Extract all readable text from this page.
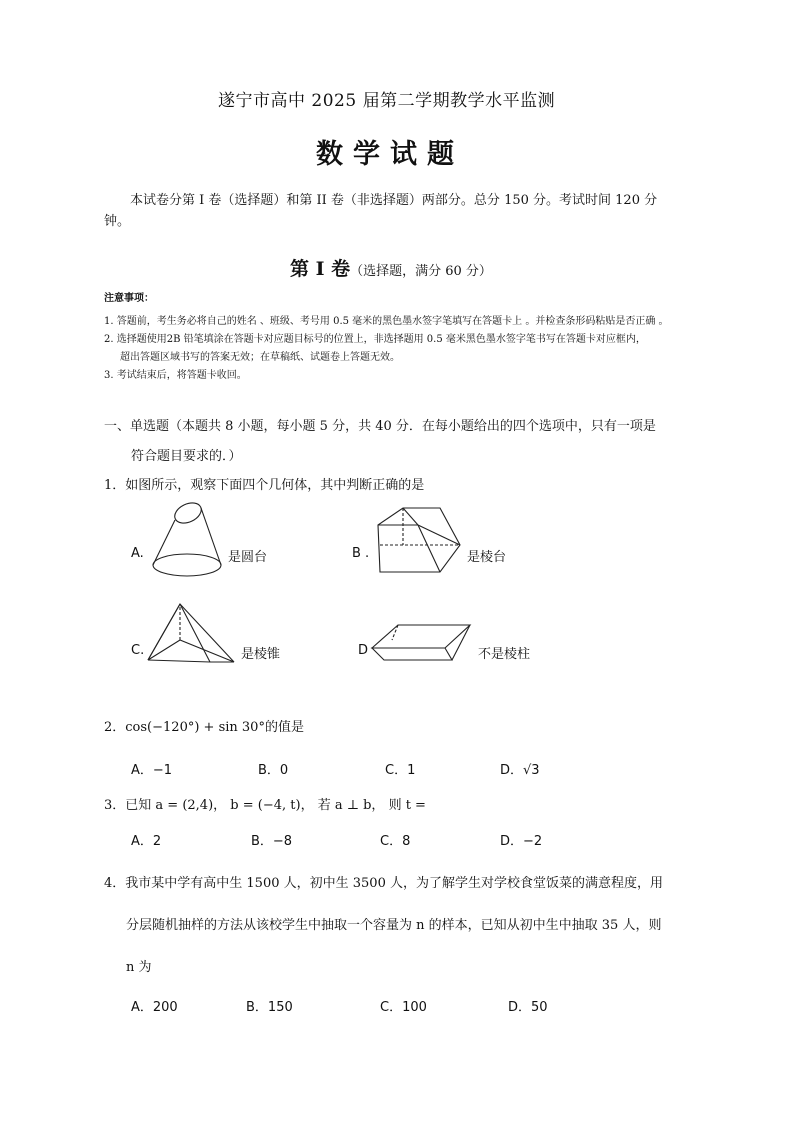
遂宁市高中 2025 届第二学期教学水平监测
数学试题
本试卷分第 I 卷（选择题）和第 II 卷（非选择题）两部分。总分 150 分。考试时间 120 分
钟。
第 Ⅰ 卷（选择题，满分 60 分）
注意事项：
1. 答题前，考生务必将自己的姓名 、班级、考号用 0.5 毫米的黑色墨水签字笔填写在答题卡上 。并检查条形码粘贴是否正确 。
2. 选择题使用2B 铅笔填涂在答题卡对应题目标号的位置上，非选择题用 0.5 毫米黑色墨水签字笔书写在答题卡对应框内，
超出答题区域书写的答案无效；在草稿纸、试题卷上答题无效。
3. 考试结束后，将答题卡收回。
一、单选题（本题共 8 小题，每小题 5 分，共 40 分．在每小题给出的四个选项中，只有一项是
符合题目要求的．）
1．如图所示，观察下面四个几何体，其中判断正确的是
A.	是圆台	B .	是棱台
C.	是棱锥	D	不是棱柱
2．cos(−120°) + sin 30°的值是
A．−1	B．0	C．1	D．√3
3．已知 a = (2,4)， b = (−4, t)， 若 a ⊥ b， 则 t =
A．2	B．−8	C．8	D．−2
4．我市某中学有高中生 1500 人，初中生 3500 人，为了解学生对学校食堂饭菜的满意程度，用
分层随机抽样的方法从该校学生中抽取一个容量为 n 的样本，已知从初中生中抽取 35 人，则
n 为
A．200	B．150	C．100	D．50
